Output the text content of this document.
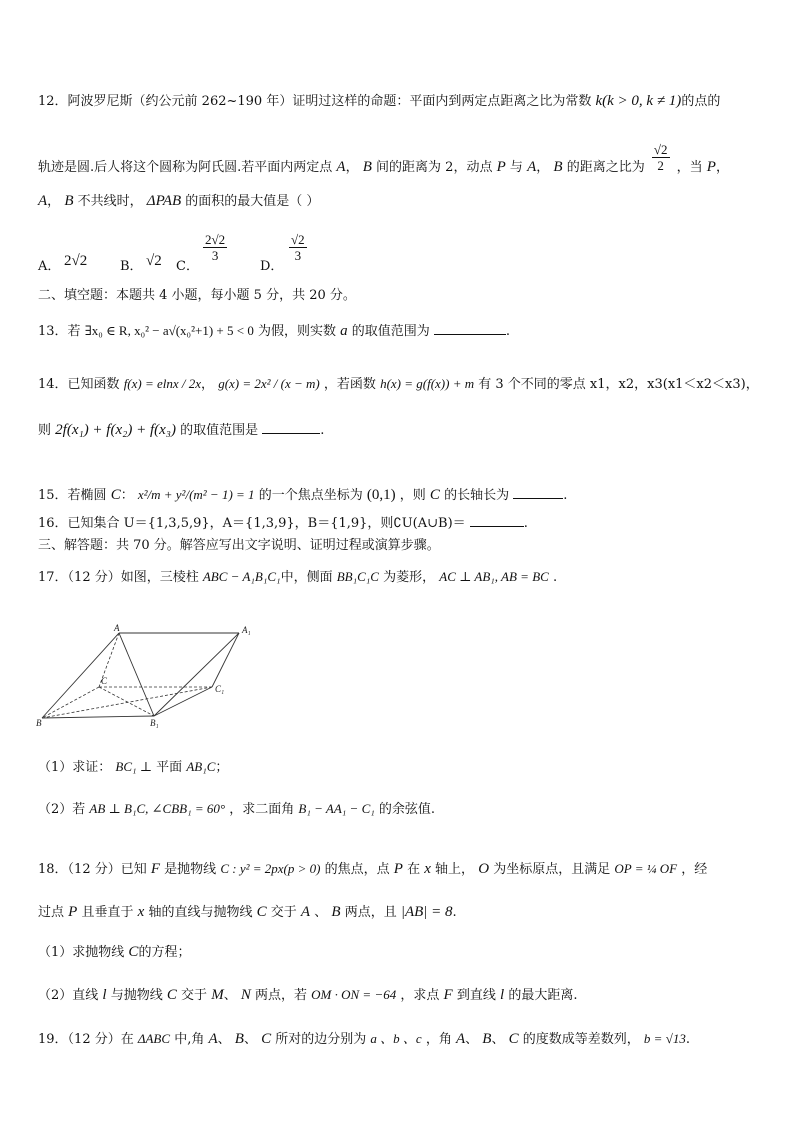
12．阿波罗尼斯（约公元前 262~190 年）证明过这样的命题：平面内到两定点距离之比为常数 k(k > 0, k ≠ 1)的点的
轨迹是圆.后人将这个圆称为阿氏圆.若平面内两定点 A， B 间的距离为 2，动点 P 与 A， B 的距离之比为 $\frac{√2}{2}$ ，当 P，
A， B 不共线时， ΔPAB 的面积的最大值是（ ）
A． 2√2	B． √2 C．
$\frac{2√2}{3}$
D．
$\frac{√2}{3}$
二、填空题：本题共 4 小题，每小题 5 分，共 20 分。
13．若 ∃x₀ ∈ R, x₀² − a√(x₀²+1) + 5 < 0 为假，则实数 a 的取值范围为	.
14．已知函数 f(x) = elnx / 2x， g(x) = 2x² / (x − m) ，若函数 h(x) = g(f(x)) + m 有 3 个不同的零点 x1，x2，x3(x1＜x2＜x3)，
则 2f(x₁) + f(x₂) + f(x₃) 的取值范围是	.
15．若椭圆 C： x²/m + y²/(m² − 1) = 1 的一个焦点坐标为 (0,1) ，则 C 的长轴长为	.
16．已知集合 U＝{1,3,5,9}，A＝{1,3,9}，B＝{1,9}，则∁U(A∪B)＝	.
三、解答题：共 70 分。解答应写出文字说明、证明过程或演算步骤。
17．（12 分）如图，三棱柱 ABC − A₁B₁C₁中，侧面 BB₁C₁C 为菱形， AC ⊥ AB₁, AB = BC .
A	A₁
C
C₁
B	B₁
（1）求证： BC₁ ⊥ 平面 AB₁C；
（2）若 AB ⊥ B₁C, ∠CBB₁ = 60° ，求二面角 B₁ − AA₁ − C₁ 的余弦值.
18．（12 分）已知 F 是抛物线 C : y² = 2px(p > 0) 的焦点，点 P 在 x 轴上， O 为坐标原点，且满足 OP = ¼ OF ，经
过点 P 且垂直于 x 轴的直线与抛物线 C 交于 A 、 B 两点，且 |AB| = 8.
（1）求抛物线 C的方程；
（2）直线 l 与抛物线 C 交于 M、 N 两点，若 OM · ON = −64 ，求点 F 到直线 l 的最大距离.
19．（12 分）在 ΔABC 中,角 A、 B、 C 所对的边分别为 a 、b 、c ，角 A、 B、 C 的度数成等差数列， b = √13.
